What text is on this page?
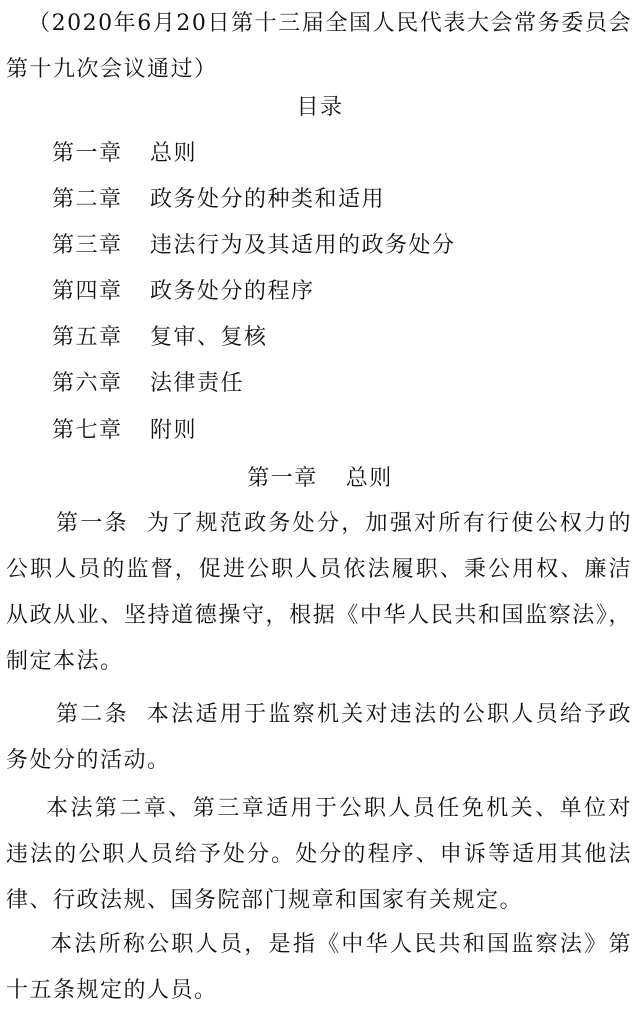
（2020年6月20日第十三届全国人民代表大会常务委员会第十九次会议通过）

目录

第一章 总则

第二章 政务处分的种类和适用

第三章 违法行为及其适用的政务处分

第四章 政务处分的程序

第五章 复审、复核

第六章 法律责任

第七章 附则

第一章 总则

第一条 为了规范政务处分，加强对所有行使公权力的公职人员的监督，促进公职人员依法履职、秉公用权、廉洁从政从业、坚持道德操守，根据《中华人民共和国监察法》，制定本法。

第二条 本法适用于监察机关对违法的公职人员给予政务处分的活动。

本法第二章、第三章适用于公职人员任免机关、单位对违法的公职人员给予处分。处分的程序、申诉等适用其他法律、行政法规、国务院部门规章和国家有关规定。

本法所称公职人员，是指《中华人民共和国监察法》第十五条规定的人员。
